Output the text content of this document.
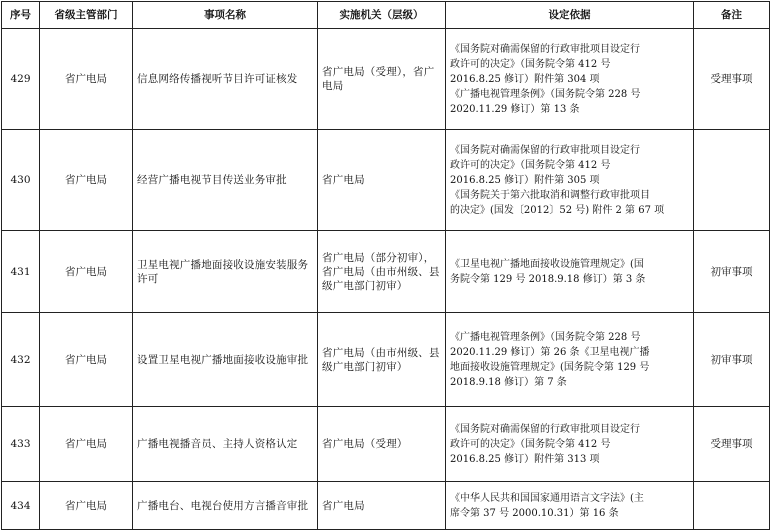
序号	省级主管部门	事项名称	实施机关（层级）	设定依据	备注
429	省广电局	信息网络传播视听节目许可证核发	省广电局（受理），省广电局	《国务院对确需保留的行政审批项目设定行
政许可的决定》（国务院令第 412 号
2016.8.25 修订）附件第 304 项
《广播电视管理条例》（国务院令第 228 号
2020.11.29 修订）第 13 条	受理事项
430	省广电局	经营广播电视节目传送业务审批	省广电局	《国务院对确需保留的行政审批项目设定行
政许可的决定》（国务院令第 412 号
2016.8.25 修订）附件第 305 项
《国务院关于第六批取消和调整行政审批项目
的决定》(国发〔2012〕52 号) 附件 2 第 67 项	

431	省广电局	卫星电视广播地面接收设施安装服务许可	省广电局（部分初审），省广电局（由市州级、县级广电部门初审）	《卫星电视广播地面接收设施管理规定》(国
务院令第 129 号 2018.9.18 修订）第 3 条	初审事项
432	省广电局	设置卫星电视广播地面接收设施审批	省广电局（由市州级、县级广电部门初审）	《广播电视管理条例》（国务院令第 228 号
2020.11.29 修订）第 26 条《卫星电视广播
地面接收设施管理规定》(国务院令第 129 号
2018.9.18 修订）第 7 条	初审事项
433	省广电局	广播电视播音员、主持人资格认定	省广电局（受理）	《国务院对确需保留的行政审批项目设定行
政许可的决定》（国务院令第 412 号
2016.8.25 修订）附件第 313 项	受理事项
434	省广电局	广播电台、电视台使用方言播音审批	省广电局	《中华人民共和国国家通用语言文字法》(主
席令第 37 号 2000.10.31）第 16 条	
